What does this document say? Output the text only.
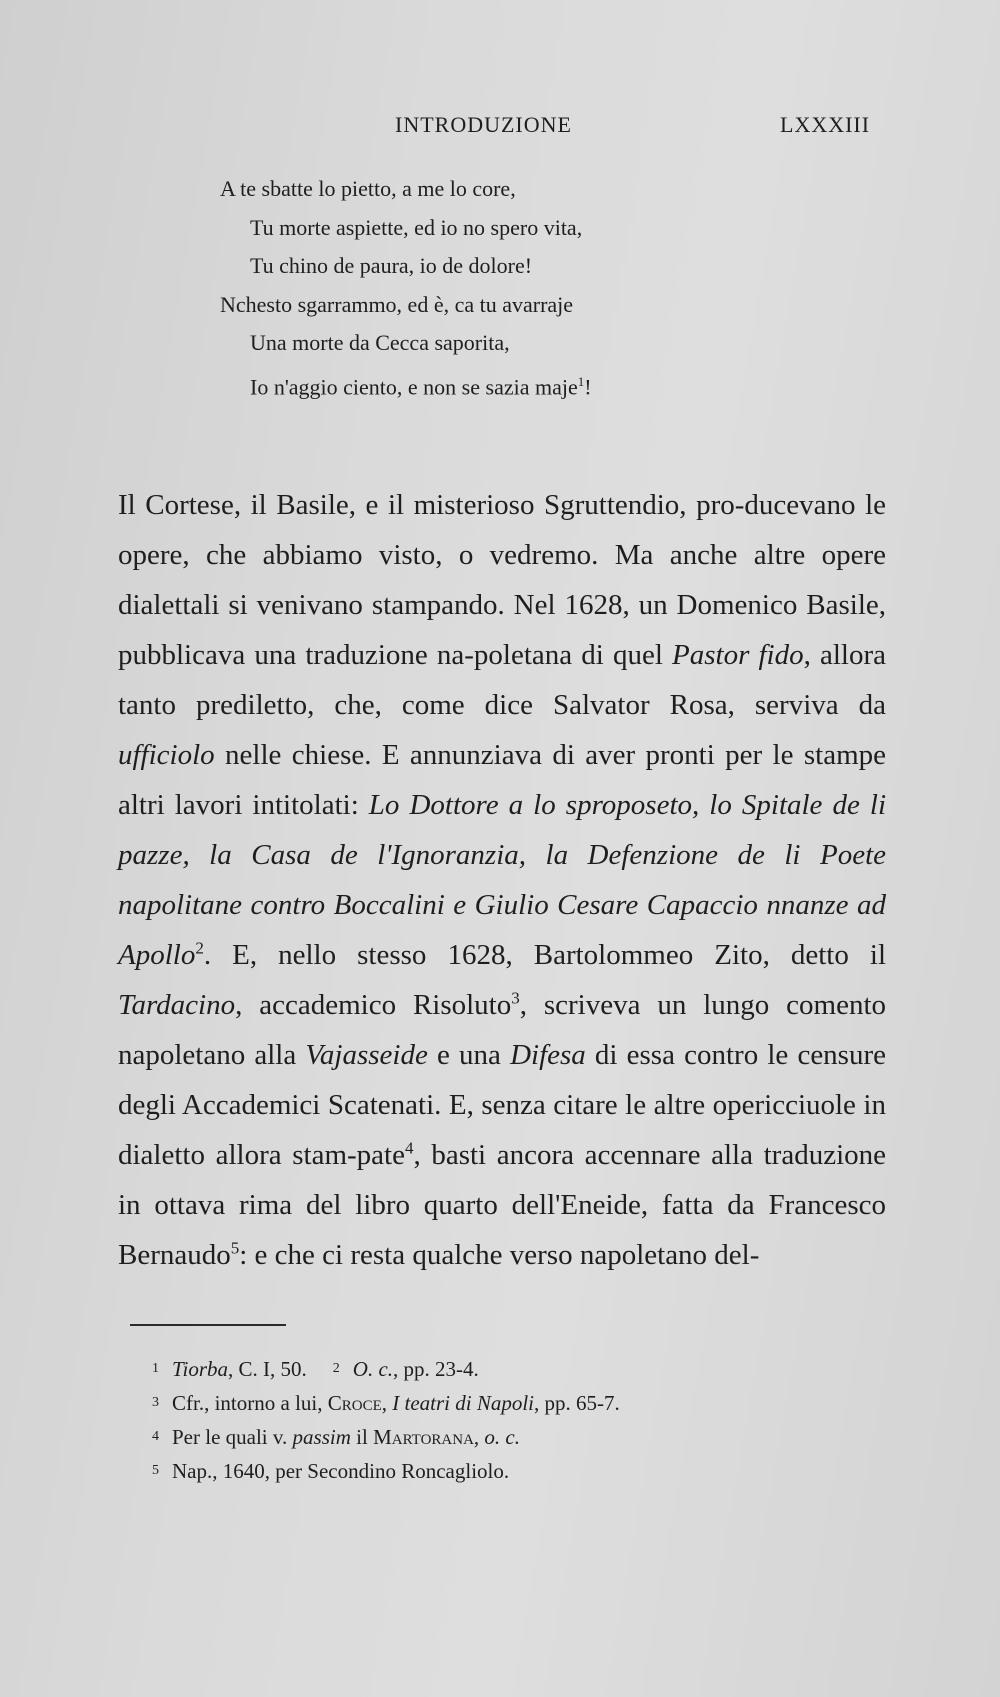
INTRODUZIONE	LXXXIII
A te sbatte lo pietto, a me lo core,
Tu morte aspiette, ed io no spero vita,
Tu chino de paura, io de dolore!
Nchesto sgarrammo, ed è, ca tu avarraje
Una morte da Cecca saporita,
Io n'aggio ciento, e non se sazia maje$^1$!
Il Cortese, il Basile, e il misterioso Sgruttendio, pro-ducevano le opere, che abbiamo visto, o vedremo. Ma anche altre opere dialettali si venivano stampando. Nel 1628, un Domenico Basile, pubblicava una traduzione na-poletana di quel Pastor fido, allora tanto prediletto, che, come dice Salvator Rosa, serviva da ufficiolo nelle chiese. E annunziava di aver pronti per le stampe altri lavori intitolati: Lo Dottore a lo sproposeto, lo Spitale de li pazze, la Casa de l'Ignoranzia, la Defenzione de li Poete napolitane contro Boccalini e Giulio Cesare Capaccio nnanze ad Apollo$^2$. E, nello stesso 1628, Bartolommeo Zito, detto il Tardacino, accademico Risoluto$^3$, scriveva un lungo comento napoletano alla Vajasseide e una Difesa di essa contro le censure degli Accademici Scatenati. E, senza citare le altre opericciuole in dialetto allora stam-pate$^4$, basti ancora accennare alla traduzione in ottava rima del libro quarto dell'Eneide, fatta da Francesco Bernaudo$^5$: e che ci resta qualche verso napoletano del-
1 Tiorba, C. I, 50. 2 O. c., pp. 23-4.
3 Cfr., intorno a lui, Croce, I teatri di Napoli, pp. 65-7.
4 Per le quali v. passim il Martorana, o. c.
5 Nap., 1640, per Secondino Roncagliolo.
